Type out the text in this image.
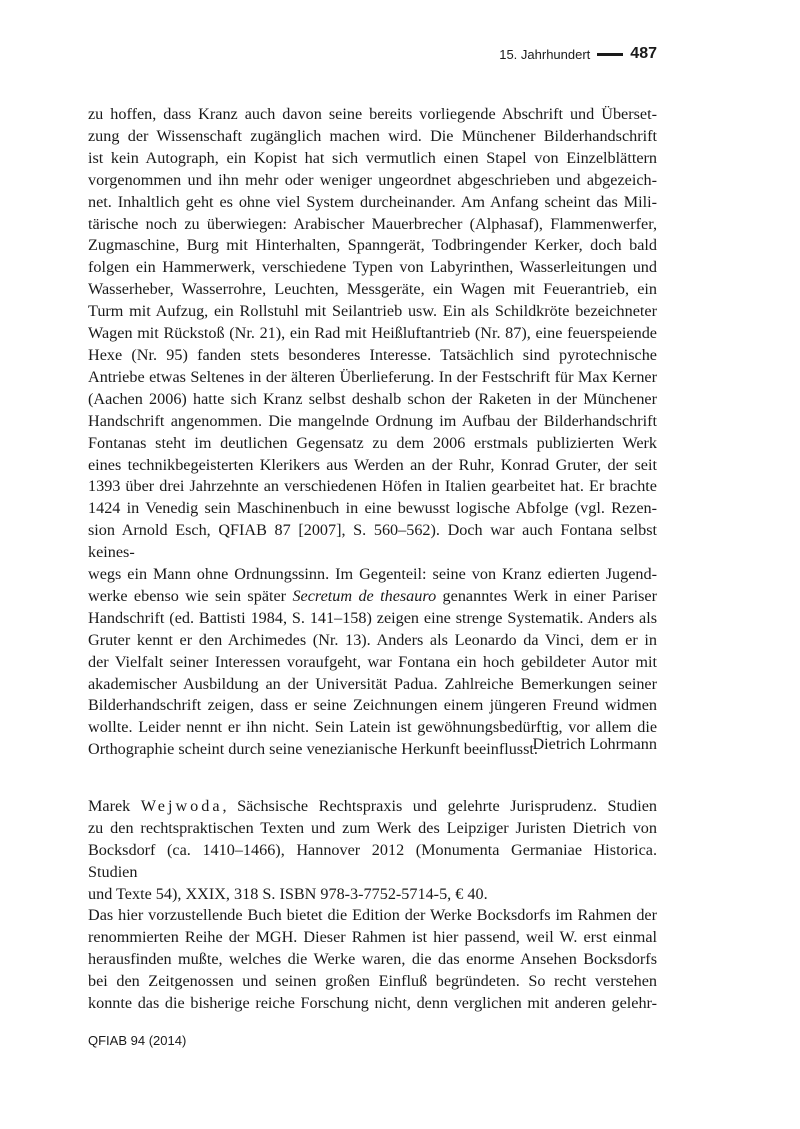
15. Jahrhundert	487
zu hoffen, dass Kranz auch davon seine bereits vorliegende Abschrift und Überset-
zung der Wissenschaft zugänglich machen wird. Die Münchener Bilderhandschrift
ist kein Autograph, ein Kopist hat sich vermutlich einen Stapel von Einzelblättern
vorgenommen und ihn mehr oder weniger ungeordnet abgeschrieben und abgezeich-
net. Inhaltlich geht es ohne viel System durcheinander. Am Anfang scheint das Mili-
tärische noch zu überwiegen: Arabischer Mauerbrecher (Alphasaf), Flammenwerfer,
Zugmaschine, Burg mit Hinterhalten, Spanngerät, Todbringender Kerker, doch bald
folgen ein Hammerwerk, verschiedene Typen von Labyrinthen, Wasserleitungen und
Wasserheber, Wasserrohre, Leuchten, Messgeräte, ein Wagen mit Feuerantrieb, ein
Turm mit Aufzug, ein Rollstuhl mit Seilantrieb usw. Ein als Schildkröte bezeichneter
Wagen mit Rückstoß (Nr. 21), ein Rad mit Heißluftantrieb (Nr. 87), eine feuerspeiende
Hexe (Nr. 95) fanden stets besonderes Interesse. Tatsächlich sind pyrotechnische
Antriebe etwas Seltenes in der älteren Überlieferung. In der Festschrift für Max Kerner
(Aachen 2006) hatte sich Kranz selbst deshalb schon der Raketen in der Münchener
Handschrift angenommen. Die mangelnde Ordnung im Aufbau der Bilderhandschrift
Fontanas steht im deutlichen Gegensatz zu dem 2006 erstmals publizierten Werk
eines technikbegeisterten Klerikers aus Werden an der Ruhr, Konrad Gruter, der seit
1393 über drei Jahrzehnte an verschiedenen Höfen in Italien gearbeitet hat. Er brachte
1424 in Venedig sein Maschinenbuch in eine bewusst logische Abfolge (vgl. Rezen-
sion Arnold Esch, QFIAB 87 [2007], S. 560–562). Doch war auch Fontana selbst keines-
wegs ein Mann ohne Ordnungssinn. Im Gegenteil: seine von Kranz edierten Jugend-
werke ebenso wie sein später Secretum de thesauro genanntes Werk in einer Pariser
Handschrift (ed. Battisti 1984, S. 141–158) zeigen eine strenge Systematik. Anders als
Gruter kennt er den Archimedes (Nr. 13). Anders als Leonardo da Vinci, dem er in
der Vielfalt seiner Interessen voraufgeht, war Fontana ein hoch gebildeter Autor mit
akademischer Ausbildung an der Universität Padua. Zahlreiche Bemerkungen seiner
Bilderhandschrift zeigen, dass er seine Zeichnungen einem jüngeren Freund widmen
wollte. Leider nennt er ihn nicht. Sein Latein ist gewöhnungsbedürftig, vor allem die
Orthographie scheint durch seine venezianische Herkunft beeinflusst.
Dietrich Lohrmann
Marek Wejwoda, Sächsische Rechtspraxis und gelehrte Jurisprudenz. Studien
zu den rechtspraktischen Texten und zum Werk des Leipziger Juristen Dietrich von
Bocksdorf (ca. 1410–1466), Hannover 2012 (Monumenta Germaniae Historica. Studien
und Texte 54), XXIX, 318 S. ISBN 978-3-7752-5714-5, € 40.
Das hier vorzustellende Buch bietet die Edition der Werke Bocksdorfs im Rahmen der
renommierten Reihe der MGH. Dieser Rahmen ist hier passend, weil W. erst einmal
herausfinden mußte, welches die Werke waren, die das enorme Ansehen Bocksdorfs
bei den Zeitgenossen und seinen großen Einfluß begründeten. So recht verstehen
konnte das die bisherige reiche Forschung nicht, denn verglichen mit anderen gelehr-
QFIAB 94 (2014)
